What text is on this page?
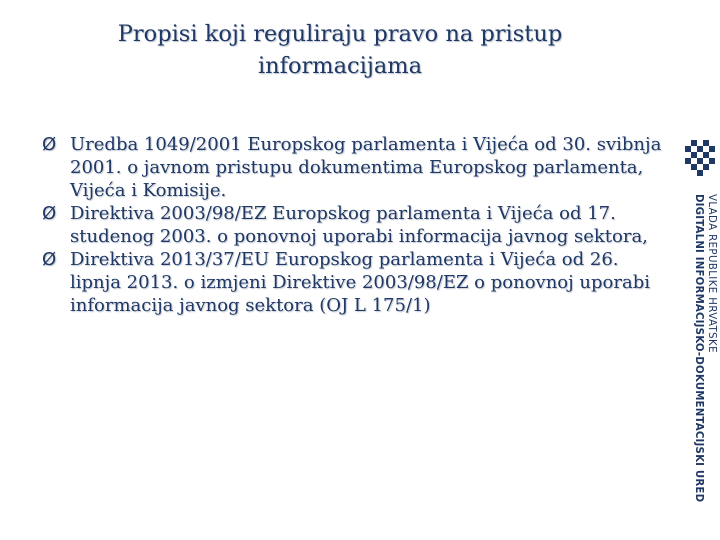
Propisi koji reguliraju pravo na pristup
informacijama
Ø Uredba 1049/2001 Europskog parlamenta i Vijeća od 30. svibnja 2001. o javnom pristupu dokumentima Europskog parlamenta, Vijeća i Komisije.
Ø Direktiva 2003/98/EZ Europskog parlamenta i Vijeća od 17. studenog 2003. o ponovnoj uporabi informacija javnog sektora,
Ø Direktiva 2013/37/EU Europskog parlamenta i Vijeća od 26. lipnja 2013. o izmjeni Direktive 2003/98/EZ o ponovnoj uporabi informacija javnog sektora (OJ L 175/1)	VLADA REPUBLIKE HRVATSKE
DIGITALNI INFORMACIJSKO-DOKUMENTACIJSKI URED
